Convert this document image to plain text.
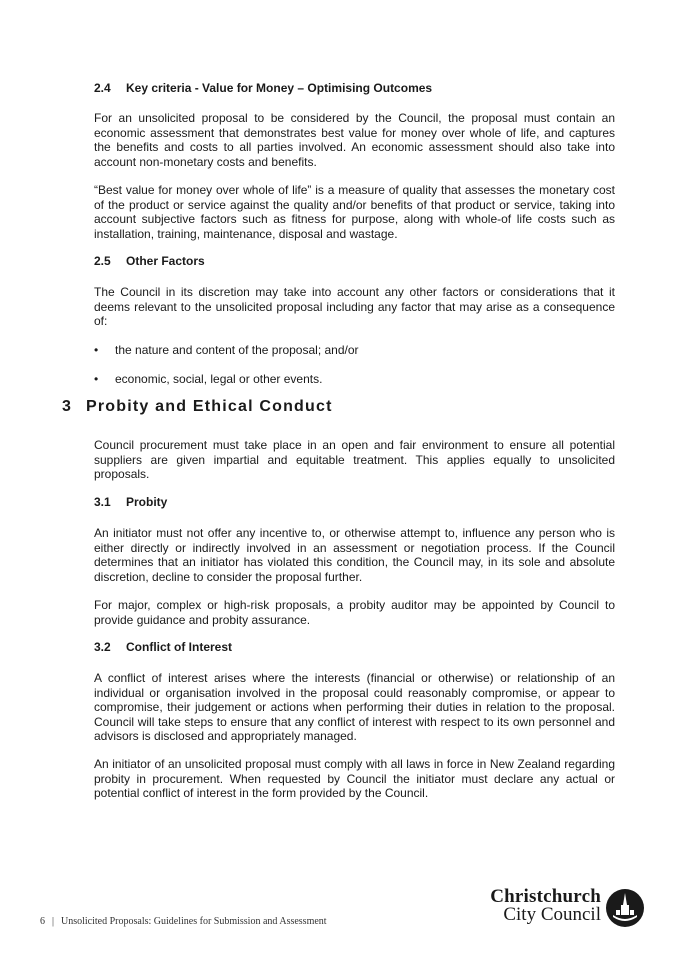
2.4 Key criteria - Value for Money – Optimising Outcomes
For an unsolicited proposal to be considered by the Council, the proposal must contain an economic assessment that demonstrates best value for money over whole of life, and captures the benefits and costs to all parties involved. An economic assessment should also take into account non-monetary costs and benefits.
“Best value for money over whole of life” is a measure of quality that assesses the monetary cost of the product or service against the quality and/or benefits of that product or service, taking into account subjective factors such as fitness for purpose, along with whole-of life costs such as installation, training, maintenance, disposal and wastage.
2.5 Other Factors
The Council in its discretion may take into account any other factors or considerations that it deems relevant to the unsolicited proposal including any factor that may arise as a consequence of:
• the nature and content of the proposal; and/or
• economic, social, legal or other events.
3 Probity and Ethical Conduct
Council procurement must take place in an open and fair environment to ensure all potential suppliers are given impartial and equitable treatment. This applies equally to unsolicited proposals.
3.1 Probity
An initiator must not offer any incentive to, or otherwise attempt to, influence any person who is either directly or indirectly involved in an assessment or negotiation process. If the Council determines that an initiator has violated this condition, the Council may, in its sole and absolute discretion, decline to consider the proposal further.
For major, complex or high-risk proposals, a probity auditor may be appointed by Council to provide guidance and probity assurance.
3.2 Conflict of Interest
A conflict of interest arises where the interests (financial or otherwise) or relationship of an individual or organisation involved in the proposal could reasonably compromise, or appear to compromise, their judgement or actions when performing their duties in relation to the proposal. Council will take steps to ensure that any conflict of interest with respect to its own personnel and advisors is disclosed and appropriately managed.
An initiator of an unsolicited proposal must comply with all laws in force in New Zealand regarding probity in procurement. When requested by Council the initiator must declare any actual or potential conflict of interest in the form provided by the Council.
6 | Unsolicited Proposals: Guidelines for Submission and Assessment
Christchurch
City Council
